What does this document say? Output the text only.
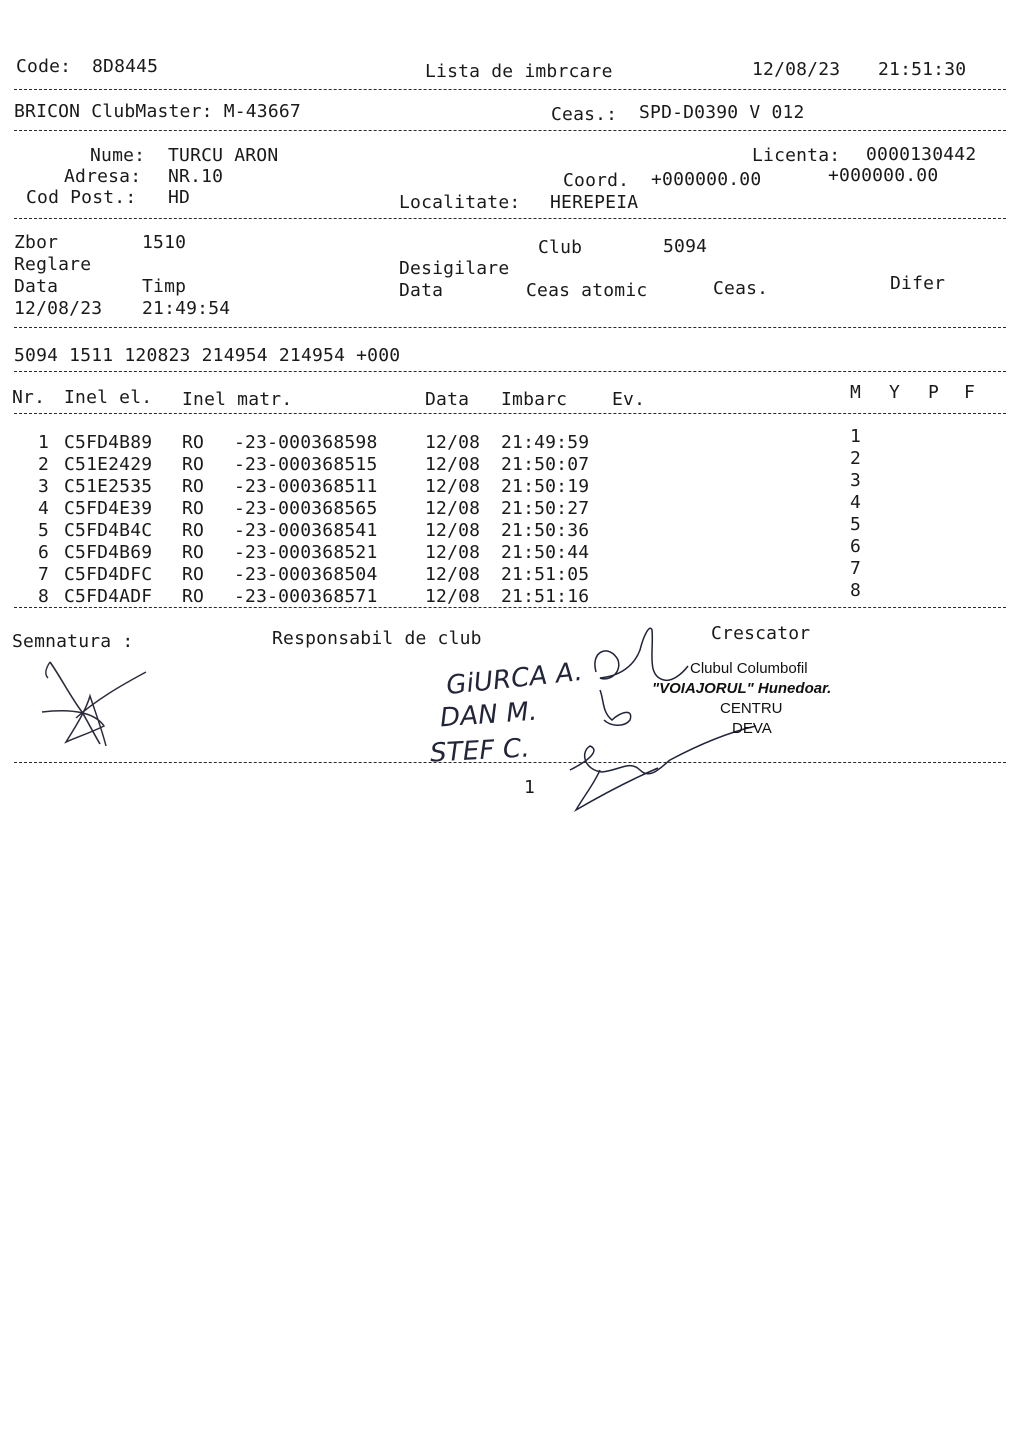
Code: 8D8445	Lista de imbrcare	12/08/23 21:51:30
BRICON ClubMaster: M-43667	Ceas.: SPD-D0390 V 012
Nume: TURCU ARON	Licenta: 0000130442
Adresa: NR.10	Coord. +000000.00	+000000.00
Cod Post.: HD	Localitate: HEREPEIA
Zbor	1510	Club	5094
Reglare	Desigilare
Data	Timp	Data	Ceas atomic	Ceas.	Difer
12/08/23 21:49:54
5094 1511 120823 214954 214954 +000
Nr. Inel el. Inel matr.	Data Imbarc Ev.	M Y P F
1 C5FD4B89 RO -23-000368598	12/08 21:49:59	1
2 C51E2429 RO -23-000368515	12/08 21:50:07	2
3 C51E2535 RO -23-000368511	12/08 21:50:19	3
4 C5FD4E39 RO -23-000368565	12/08 21:50:27	4
5 C5FD4B4C RO -23-000368541	12/08 21:50:36	5
6 C5FD4B69 RO -23-000368521	12/08 21:50:44	6
7 C5FD4DFC RO -23-000368504	12/08 21:51:05	7
8 C5FD4ADF RO -23-000368571	12/08 21:51:16	8
Semnatura :	Responsabil de club	Crescator
GiURCA A.
DAN M.
STEF C.
Clubul Columbofil
"VOIAJORUL" Hunedoar.
CENTRU
DEVA
1
